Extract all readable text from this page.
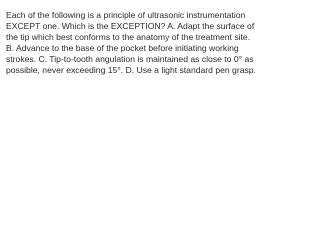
Each of the following is a principle of ultrasonic instrumentation EXCEPT one. Which is the EXCEPTION? A. Adapt the surface of the tip which best conforms to the anatomy of the treatment site. B. Advance to the base of the pocket before initiating working strokes. C. Tip-to-tooth angulation is maintained as close to 0° as possible, never exceeding 15°. D. Use a light standard pen grasp.
